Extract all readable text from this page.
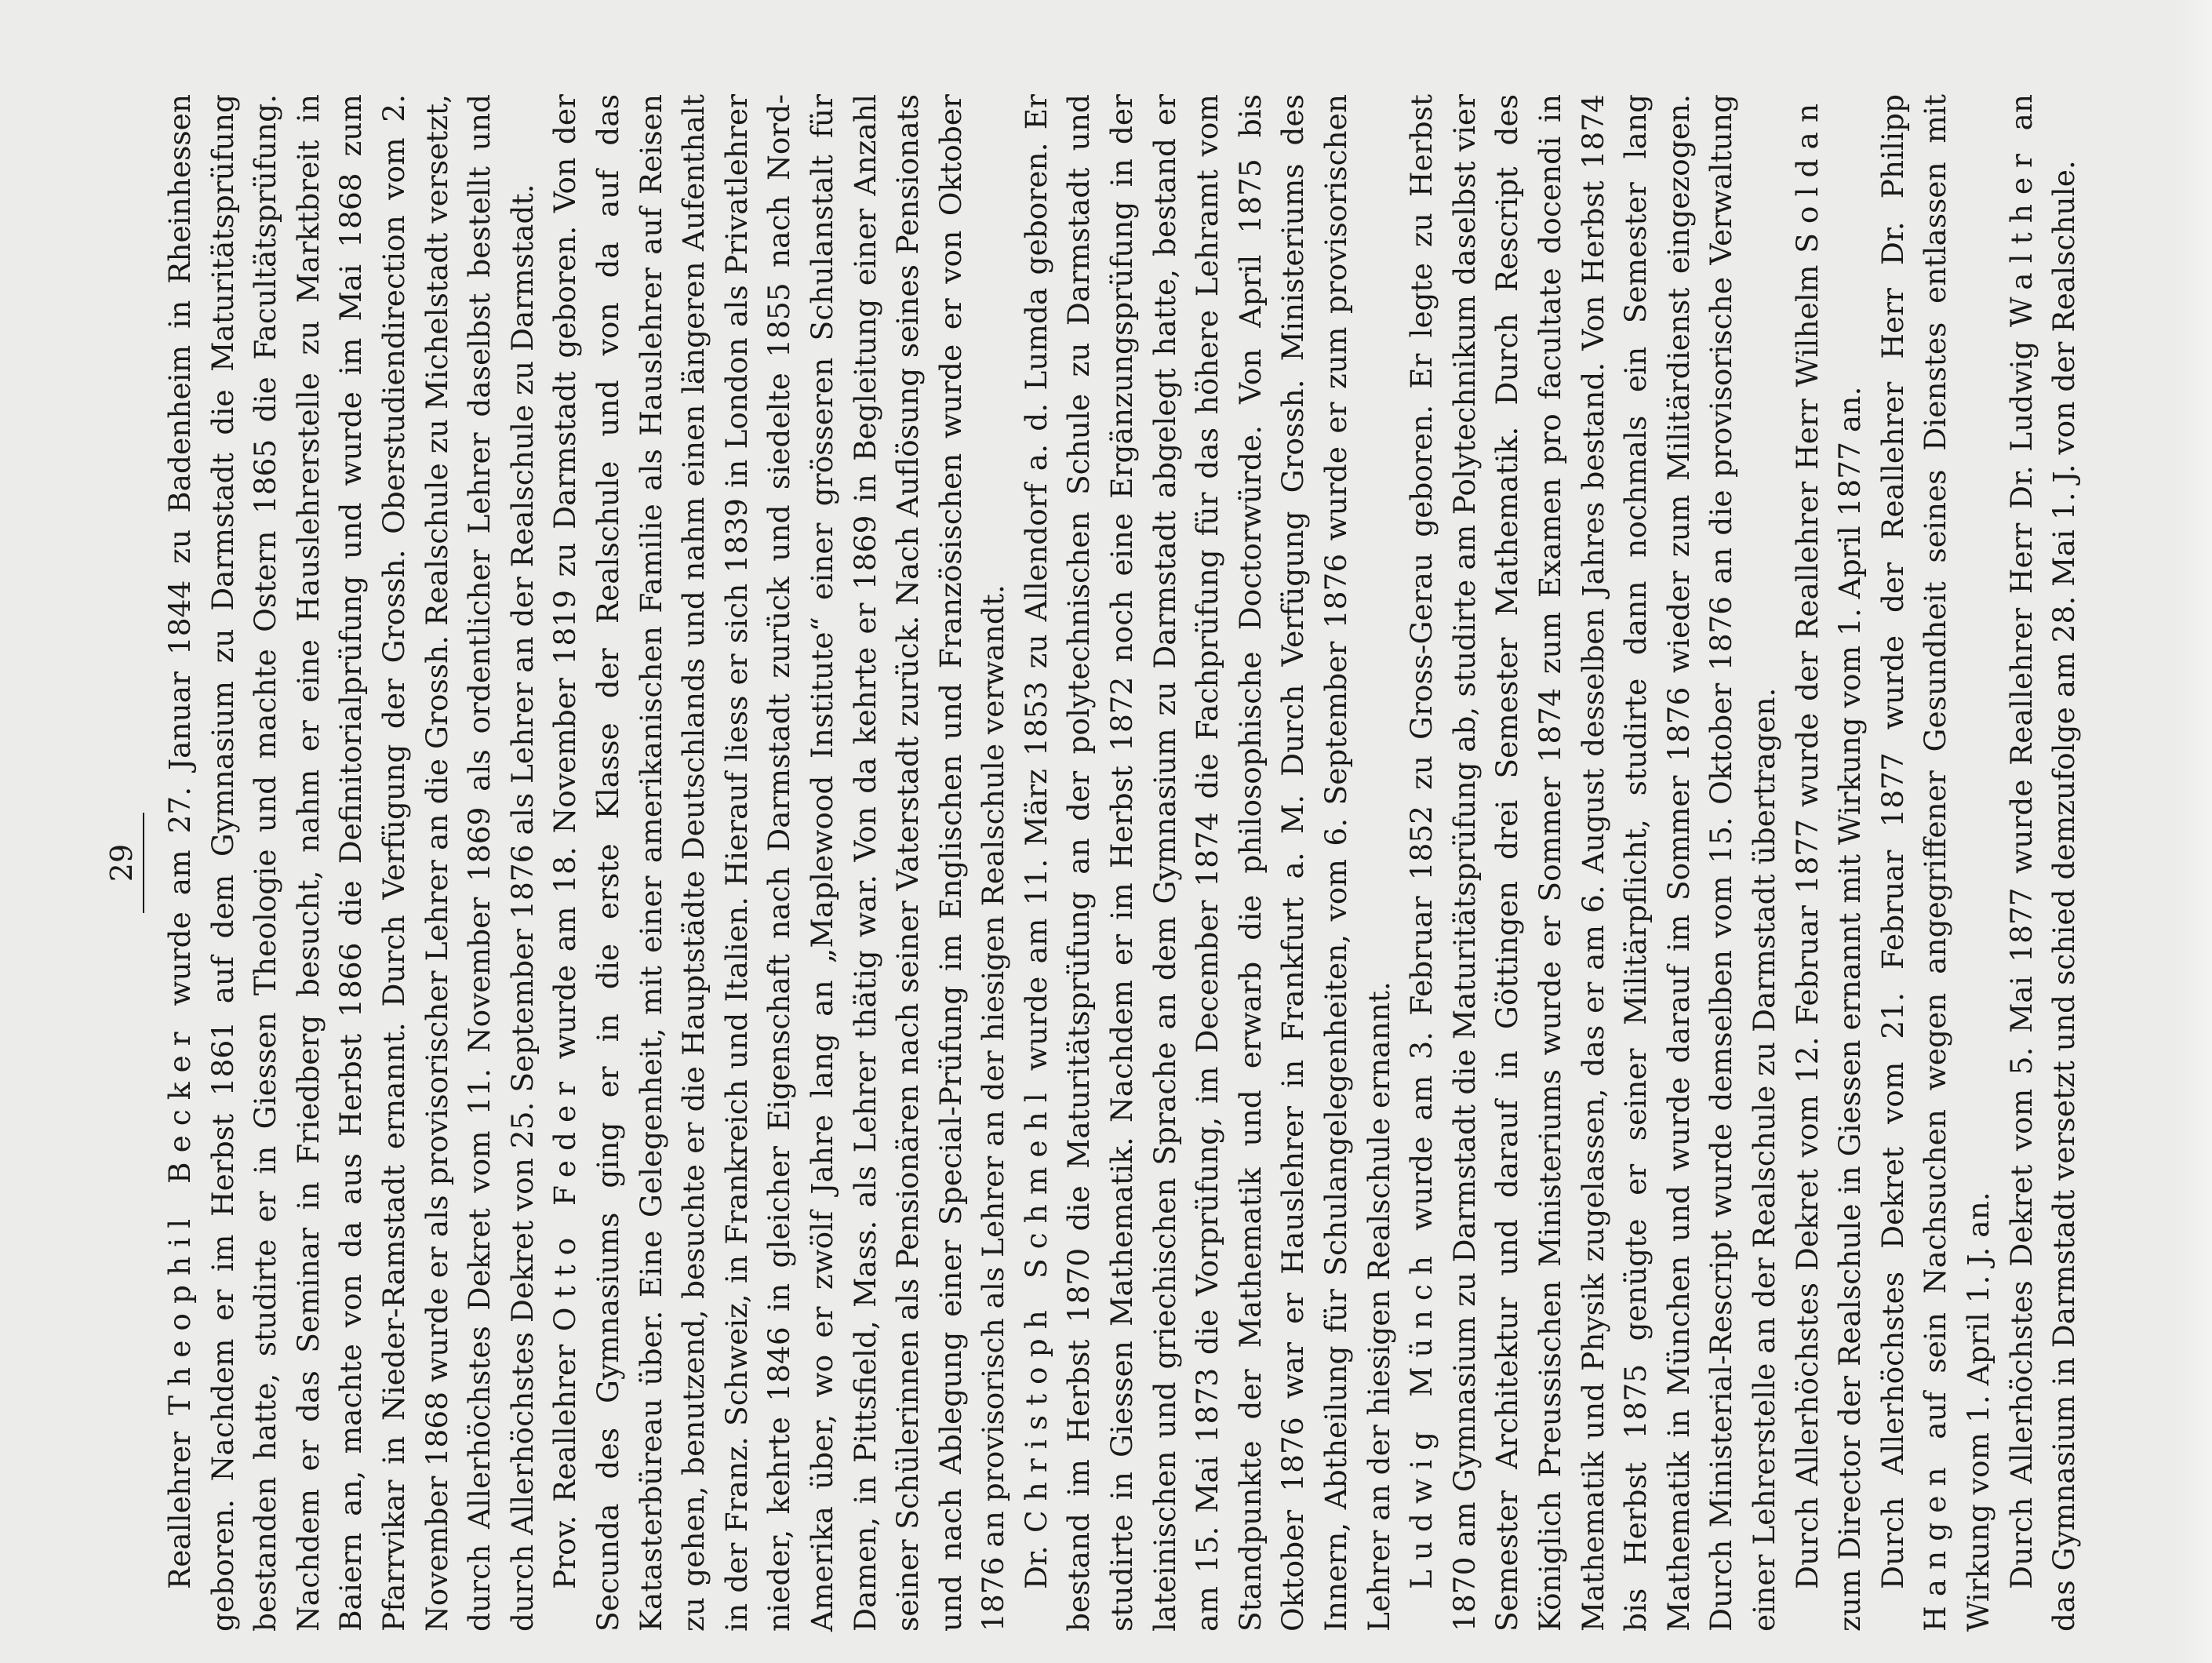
29

Reallehrer Theophil Becker wurde am 27. Januar 1844 zu Badenheim in Rheinhessen geboren. Nachdem er im Herbst 1861 auf dem Gymnasium zu Darmstadt die Maturitätsprüfung bestanden hatte, studirte er in Giessen Theologie und machte Ostern 1865 die Facultätsprüfung. Nachdem er das Seminar in Friedberg besucht, nahm er eine Hauslehrerstelle zu Marktbreit in Baiern an, machte von da aus Herbst 1866 die Definitorialprüfung und wurde im Mai 1868 zum Pfarrvikar in Nieder-Ramstadt ernannt. Durch Verfügung der Grossh. Oberstudiendirection vom 2. November 1868 wurde er als provisorischer Lehrer an die Grossh. Realschule zu Michelstadt versetzt, durch Allerhöchstes Dekret vom 11. November 1869 als ordentlicher Lehrer daselbst bestellt und durch Allerhöchstes Dekret von 25. September 1876 als Lehrer an der Realschule zu Darmstadt. Prov. Reallehrer Otto Feder wurde am 18. November 1819 zu Darmstadt geboren. Von der Secunda des Gymnasiums ging er in die erste Klasse der Realschule und von da auf das Katasterbüreau über. Eine Gelegenheit, mit einer amerikanischen Familie als Hauslehrer auf Reisen zu gehen, benutzend, besuchte er die Hauptstädte Deutschlands und nahm einen längeren Aufenthalt in der Franz. Schweiz, in Frankreich und Italien. Hierauf liess er sich 1839 in London als Privatlehrer nieder, kehrte 1846 in gleicher Eigenschaft nach Darmstadt zurück und siedelte 1855 nach Nord-Amerika über, wo er zwölf Jahre lang an „Maplewood Institute“ einer grösseren Schulanstalt für Damen, in Pittsfield, Mass. als Lehrer thätig war. Von da kehrte er 1869 in Begleitung einer Anzahl seiner Schülerinnen als Pensionären nach seiner Vaterstadt zurück. Nach Auflösung seines Pensionats und nach Ablegung einer Special-Prüfung im Englischen und Französischen wurde er von Oktober 1876 an provisorisch als Lehrer an der hiesigen Realschule verwandt. Dr. Christoph Schmehl wurde am 11. März 1853 zu Allendorf a. d. Lumda geboren. Er bestand im Herbst 1870 die Maturitätsprüfung an der polytechnischen Schule zu Darmstadt und studirte in Giessen Mathematik. Nachdem er im Herbst 1872 noch eine Ergänzungsprüfung in der lateinischen und griechischen Sprache an dem Gymnasium zu Darmstadt abgelegt hatte, bestand er am 15. Mai 1873 die Vorprüfung, im December 1874 die Fachprüfung für das höhere Lehramt vom Standpunkte der Mathematik und erwarb die philosophische Doctorwürde. Von April 1875 bis Oktober 1876 war er Hauslehrer in Frankfurt a. M. Durch Verfügung Grossh. Ministeriums des Innern, Abtheilung für Schulangelegenheiten, vom 6. September 1876 wurde er zum provisorischen Lehrer an der hiesigen Realschule ernannt. Ludwig Münch wurde am 3. Februar 1852 zu Gross-Gerau geboren. Er legte zu Herbst 1870 am Gymnasium zu Darmstadt die Maturitätsprüfung ab, studirte am Polytechnikum daselbst vier Semester Architektur und darauf in Göttingen drei Semester Mathematik. Durch Rescript des Königlich Preussischen Ministeriums wurde er Sommer 1874 zum Examen pro facultate docendi in Mathematik und Physik zugelassen, das er am 6. August desselben Jahres bestand. Von Herbst 1874 bis Herbst 1875 genügte er seiner Militärpflicht, studirte dann nochmals ein Semester lang Mathematik in München und wurde darauf im Sommer 1876 wieder zum Militärdienst eingezogen. Durch Ministerial-Rescript wurde demselben vom 15. Oktober 1876 an die provisorische Verwaltung einer Lehrerstelle an der Realschule zu Darmstadt übertragen. Durch Allerhöchstes Dekret vom 12. Februar 1877 wurde der Reallehrer Herr Wilhelm Soldan zum Director der Realschule in Giessen ernannt mit Wirkung vom 1. April 1877 an. Durch Allerhöchstes Dekret vom 21. Februar 1877 wurde der Reallehrer Herr Dr. Philipp Hangen auf sein Nachsuchen wegen angegriffener Gesundheit seines Dienstes entlassen mit Wirkung vom 1. April 1. J. an. Durch Allerhöchstes Dekret vom 5. Mai 1877 wurde Reallehrer Herr Dr. Ludwig Walther an das Gymnasium in Darmstadt versetzt und schied demzufolge am 28. Mai 1. J. von der Realschule.
